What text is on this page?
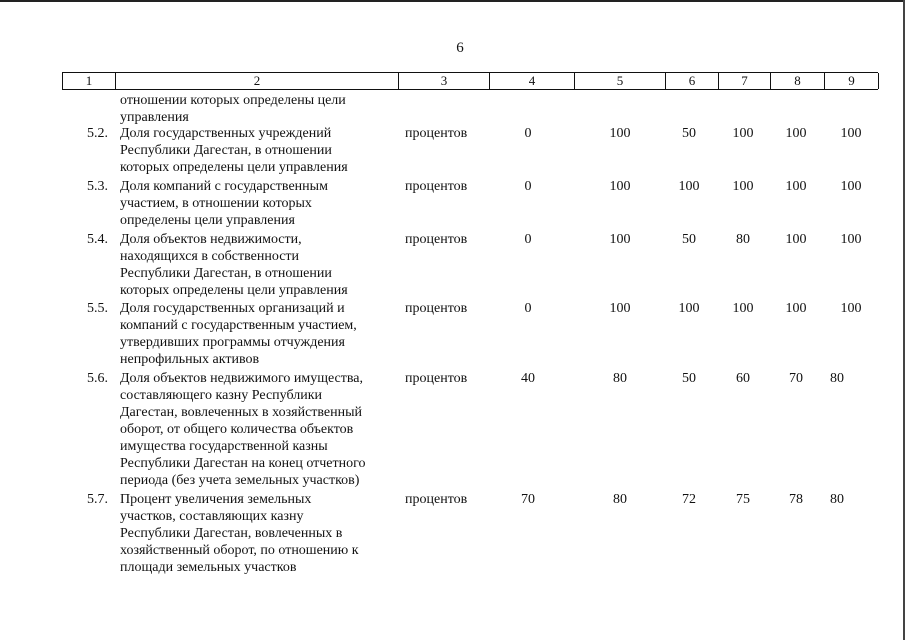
6
1	2	3	4	5	6	7	8	9
отношении которых определены цели
управления
5.2. Доля государственных учреждений
Республики Дагестан, в отношении
которых определены цели управления
процентов	0	100	50	100	100	100
5.3. Доля компаний с государственным
участием, в отношении которых
определены цели управления
процентов	0	100	100	100	100	100
5.4. Доля объектов недвижимости,
находящихся в собственности
Республики Дагестан, в отношении
которых определены цели управления
процентов	0	100	50	80	100	100
5.5. Доля государственных организаций и
компаний с государственным участием,
утвердивших программы отчуждения
непрофильных активов
процентов	0	100	100	100	100	100
5.6. Доля объектов недвижимого имущества,
составляющего казну Республики
Дагестан, вовлеченных в хозяйственный
оборот, от общего количества объектов
имущества государственной казны
Республики Дагестан на конец отчетного
периода (без учета земельных участков)
процентов	40	80	50	60	70	80
5.7. Процент увеличения земельных
участков, составляющих казну
Республики Дагестан, вовлеченных в
хозяйственный оборот, по отношению к
площади земельных участков
процентов	70	80	72	75	78	80
